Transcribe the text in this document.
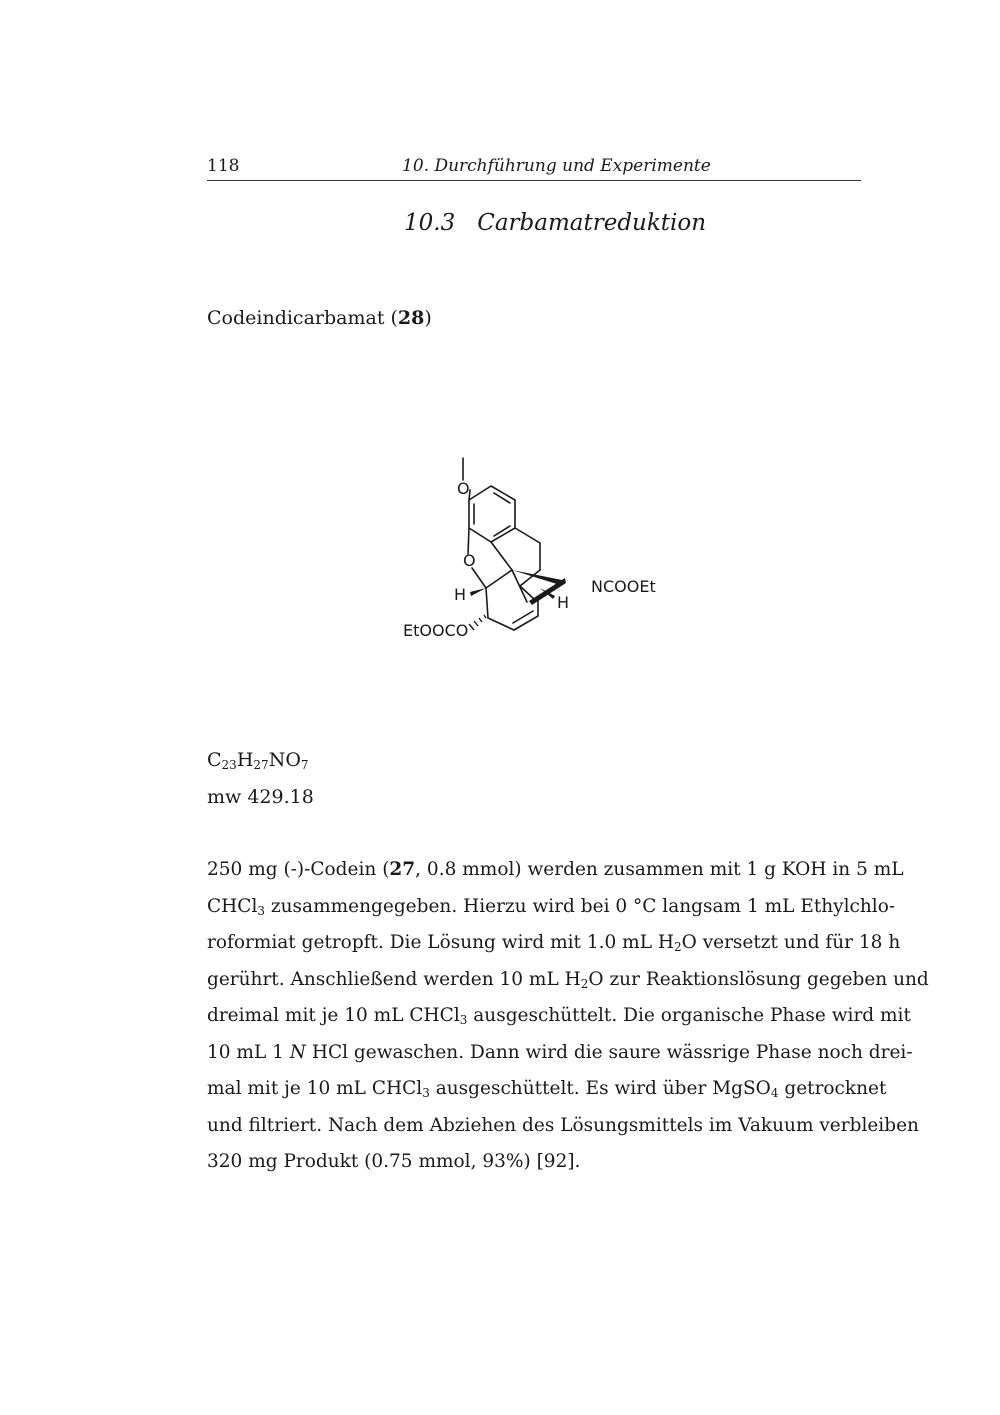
118	10. Durchführung und Experimente
10.3 Carbamatreduktion
Codeindicarbamat (28)
O
O
H	H
NCOOEt
EtOOCO
$C_{23}H_{27}NO_7$
mw 429.18
250 mg (-)-Codein (27, 0.8 mmol) werden zusammen mit 1 g KOH in 5 mL
CHCl$_3$ zusammengegeben. Hierzu wird bei 0 °C langsam 1 mL Ethylchlo-
roformiat getropft. Die Lösung wird mit 1.0 mL $H_2O$ versetzt und für 18 h
gerührt. Anschließend werden 10 mL $H_2O$ zur Reaktionslösung gegeben und
dreimal mit je 10 mL CHCl$_3$ ausgeschüttelt. Die organische Phase wird mit
10 mL 1 N HCl gewaschen. Dann wird die saure wässrige Phase noch drei-
mal mit je 10 mL CHCl$_3$ ausgeschüttelt. Es wird über MgSO$_4$ getrocknet
und filtriert. Nach dem Abziehen des Lösungsmittels im Vakuum verbleiben
320 mg Produkt (0.75 mmol, 93%) [92].
